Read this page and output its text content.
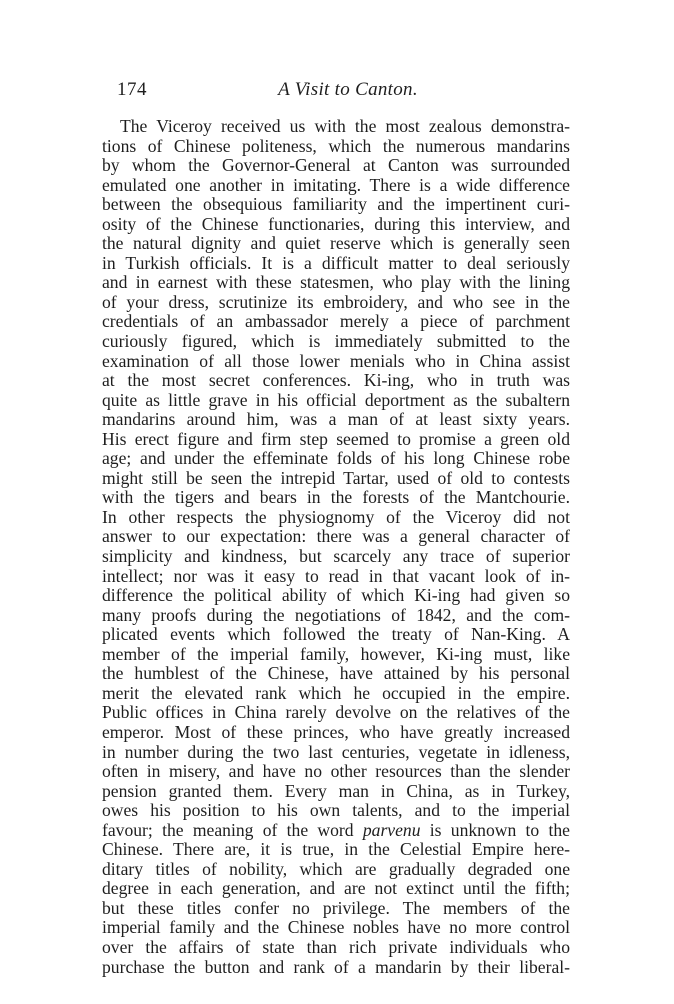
174	A Visit to Canton.
The Viceroy received us with the most zealous demonstra-
tions of Chinese politeness, which the numerous mandarins
by whom the Governor-General at Canton was surrounded
emulated one another in imitating. There is a wide difference
between the obsequious familiarity and the impertinent curi-
osity of the Chinese functionaries, during this interview, and
the natural dignity and quiet reserve which is generally seen
in Turkish officials. It is a difficult matter to deal seriously
and in earnest with these statesmen, who play with the lining
of your dress, scrutinize its embroidery, and who see in the
credentials of an ambassador merely a piece of parchment
curiously figured, which is immediately submitted to the
examination of all those lower menials who in China assist
at the most secret conferences. Ki-ing, who in truth was
quite as little grave in his official deportment as the subaltern
mandarins around him, was a man of at least sixty years.
His erect figure and firm step seemed to promise a green old
age; and under the effeminate folds of his long Chinese robe
might still be seen the intrepid Tartar, used of old to contests
with the tigers and bears in the forests of the Mantchourie.
In other respects the physiognomy of the Viceroy did not
answer to our expectation: there was a general character of
simplicity and kindness, but scarcely any trace of superior
intellect; nor was it easy to read in that vacant look of in-
difference the political ability of which Ki-ing had given so
many proofs during the negotiations of 1842, and the com-
plicated events which followed the treaty of Nan-King. A
member of the imperial family, however, Ki-ing must, like
the humblest of the Chinese, have attained by his personal
merit the elevated rank which he occupied in the empire.
Public offices in China rarely devolve on the relatives of the
emperor. Most of these princes, who have greatly increased
in number during the two last centuries, vegetate in idleness,
often in misery, and have no other resources than the slender
pension granted them. Every man in China, as in Turkey,
owes his position to his own talents, and to the imperial
favour; the meaning of the word parvenu is unknown to the
Chinese. There are, it is true, in the Celestial Empire here-
ditary titles of nobility, which are gradually degraded one
degree in each generation, and are not extinct until the fifth;
but these titles confer no privilege. The members of the
imperial family and the Chinese nobles have no more control
over the affairs of state than rich private individuals who
purchase the button and rank of a mandarin by their liberal-
